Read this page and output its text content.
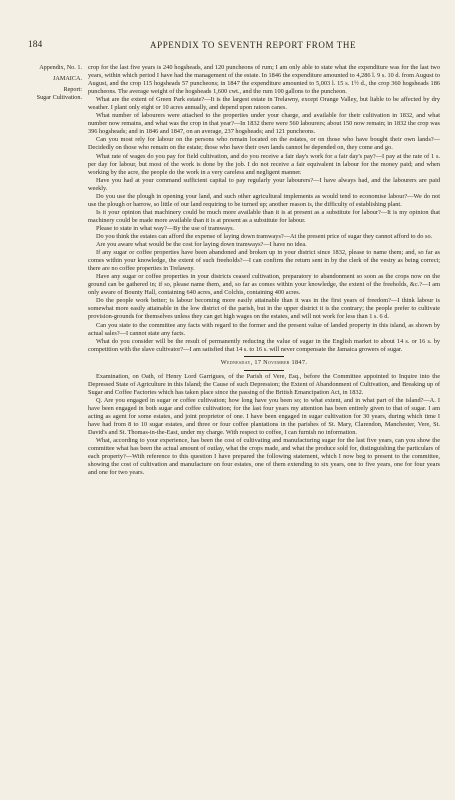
184	APPENDIX TO SEVENTH REPORT FROM THE
Appendix, No. 1.
JAMAICA.
Report:
Sugar Cultivation.

crop for the last five years is 240 hogsheads, and 120 puncheons of rum; I am only able to state what the expenditure was for the last two years, within which period I have had the management of the estate. In 1846 the expenditure amounted to 4,286 l. 9 s. 10 d. from August to August, and the crop 115 hogsheads 57 puncheons; in 1847 the expenditure amounted to 5,003 l. 15 s. 1½ d., the crop 360 hogsheads 186 puncheons. The average weight of the hogsheads 1,600 cwt., and the rum 100 gallons to the puncheon.

What are the extent of Green Park estate?—It is the largest estate in Trelawny, except Orange Valley, but liable to be affected by dry weather. I plant only eight or 10 acres annually, and depend upon ratoon canes.

What number of labourers were attached to the properties under your charge, and available for their cultivation in 1832, and what number now remains, and what was the crop in that year?—In 1832 there were 560 labourers; about 150 now remain; in 1832 the crop was 396 hogsheads; and in 1846 and 1847, on an average, 237 hogsheads; and 121 puncheons.

Can you most rely for labour on the persons who remain located on the estates, or on those who have bought their own lands?—Decidedly on those who remain on the estate; those who have their own lands cannot be depended on, they come and go.

What rate of wages do you pay for field cultivation, and do you receive a fair day's work for a fair day's pay?—I pay at the rate of 1 s. per day for labour, but most of the work is done by the job. I do not receive a fair equivalent in labour for the money paid; and when working by the acre, the people do the work in a very careless and negligent manner.

Have you had at your command sufficient capital to pay regularly your labourers?—I have always had, and the labourers are paid weekly.

Do you use the plough in opening your land, and such other agricultural implements as would tend to economise labour?—We do not use the plough or harrow, so little of our land requiring to be turned up; another reason is, the difficulty of establishing plant.

Is it your opinion that machinery could be much more available than it is at present as a substitute for labour?—It is my opinion that machinery could be made more available than it is at present as a substitute for labour.

Please to state in what way?—By the use of tramways.

Do you think the estates can afford the expense of laying down tramways?—At the present price of sugar they cannot afford to do so.

Are you aware what would be the cost for laying down tramways?—I have no idea.

If any sugar or coffee properties have been abandoned and broken up in your district since 1832, please to name them; and, so far as comes within your knowledge, the extent of such freeholds?—I can confirm the return sent in by the clerk of the vestry as being correct; there are no coffee properties in Trelawny.

Have any sugar or coffee properties in your districts ceased cultivation, preparatory to abandonment so soon as the crops now on the ground can be gathered in; if so, please name them, and, so far as comes within your knowledge, the extent of the freeholds, &c.?—I am only aware of Bounty Hall, containing 640 acres, and Colchis, containing 400 acres.

Do the people work better; is labour becoming more easily attainable than it was in the first years of freedom?—I think labour is somewhat more easily attainable in the low district of the parish, but in the upper district it is the contrary; the people prefer to cultivate provision-grounds for themselves unless they can get high wages on the estates, and will not work for less than 1 s. 6 d.

Can you state to the committee any facts with regard to the former and the present value of landed property in this island, as shown by actual sales?—I cannot state any facts.

What do you consider will be the result of permanently reducing the value of sugar in the English market to about 14 s. or 16 s. by competition with the slave cultivator?—I am satisfied that 14 s. to 16 s. will never compensate the Jamaica growers of sugar.

Wednesday, 17 November 1847.

Examination, on Oath, of Henry Lord Garrigues, of the Parish of Vere, Esq., before the Committee appointed to Inquire into the Depressed State of Agriculture in this Island; the Cause of such Depression; the Extent of Abandonment of Cultivation, and Breaking up of Sugar and Coffee Factories which has taken place since the passing of the British Emancipation Act, in 1832.

Q. Are you engaged in sugar or coffee cultivation; how long have you been so; to what extent, and in what part of the island?—A. I have been engaged in both sugar and coffee cultivation; for the last four years my attention has been entirely given to that of sugar. I am acting as agent for some estates, and joint proprietor of one. I have been engaged in sugar cultivation for 30 years, during which time I have had from 8 to 10 sugar estates, and three or four coffee plantations in the parishes of St. Mary, Clarendon, Manchester, Vere, St. David's and St. Thomas-in-the-East, under my charge. With respect to coffee, I can furnish no information.

What, according to your experience, has been the cost of cultivating and manufacturing sugar for the last five years, can you show the committee what has been the actual amount of outlay, what the crops made, and what the produce sold for, distinguishing the particulars of each property?—With reference to this question I have prepared the following statement, which I now beg to present to the committee, showing the cost of cultivation and manufacture on four estates, one of them extending to six years, one to five years, one for four years and one for two years.
